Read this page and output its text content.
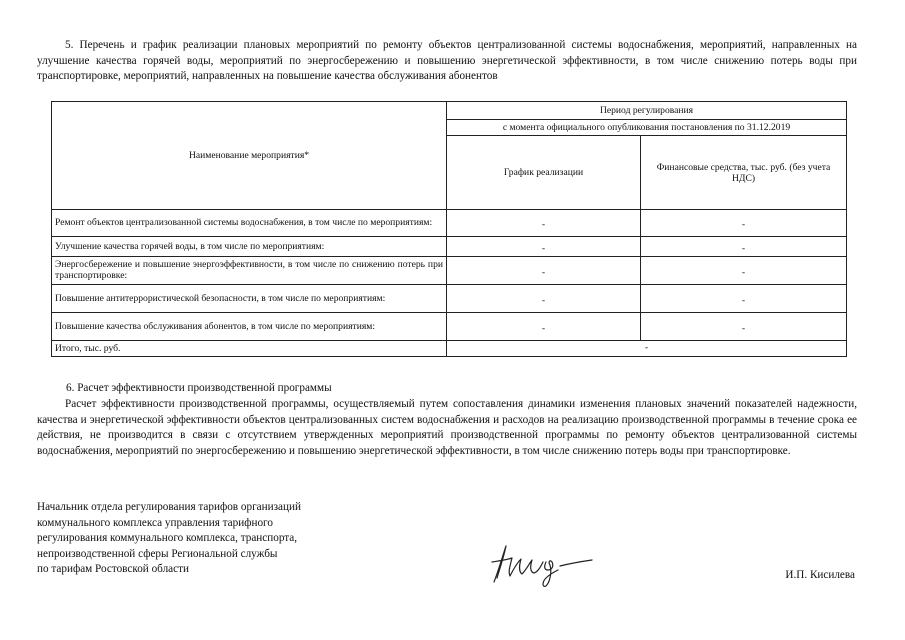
5. Перечень и график реализации плановых мероприятий по ремонту объектов централизованной системы водоснабжения, мероприятий, направленных на улучшение качества горячей воды, мероприятий по энергосбережению и повышению энергетической эффективности, в том числе снижению потерь воды при транспортировке, мероприятий, направленных на повышение качества обслуживания абонентов

Наименование мероприятия*	Период регулирования	
	с момента официального опубликования постановления по 31.12.2019	
	График реализации	Финансовые средства, тыс. руб. (без учета НДС)
Ремонт объектов централизованной системы водоснабжения, в том числе по мероприятиям:	-	-
Улучшение качества горячей воды, в том числе по мероприятиям:	-	-
Энергосбережение и повышение энергоэффективности, в том числе по снижению потерь при транспортировке:	-	-
Повышение антитеррористической безопасности, в том числе по мероприятиям:	-	-
Повышение качества обслуживания абонентов, в том числе по мероприятиям:	-	-
Итого, тыс. руб.	-	

6. Расчет эффективности производственной программы

Расчет эффективности производственной программы, осуществляемый путем сопоставления динамики изменения плановых значений показателей надежности, качества и энергетической эффективности объектов централизованных систем водоснабжения и расходов на реализацию производственной программы в течение срока ее действия, не производится в связи с отсутствием утвержденных мероприятий производственной программы по ремонту объектов централизованной системы водоснабжения, мероприятий по энергосбережению и повышению энергетической эффективности, в том числе снижению потерь воды при транспортировке.

Начальник отдела регулирования тарифов организаций
коммунального комплекса управления тарифного
регулирования коммунального комплекса, транспорта,
непроизводственной сферы Региональной службы
по тарифам Ростовской области	И.П. Кисилева
